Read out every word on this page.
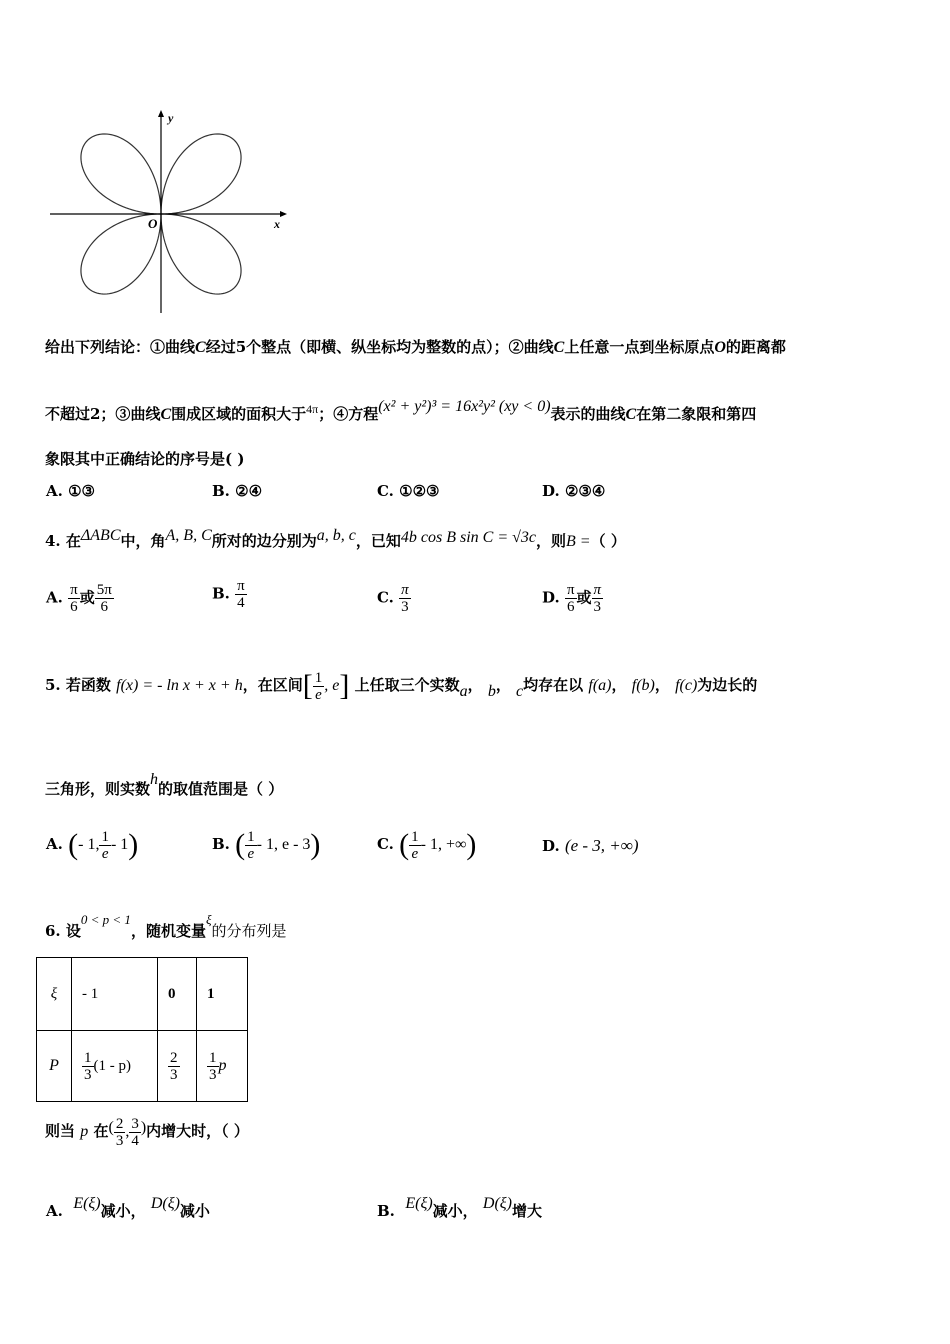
y
x
O
给出下列结论：①曲线C经过5个整点（即横、纵坐标均为整数的点）；②曲线C上任意一点到坐标原点O的距离都
不超过2；③曲线C围成区域的面积大于$^{4\pi}$；④方程(x² + y²)³ = 16x²y² (xy < 0)表示的曲线C在第二象限和第四
象限其中正确结论的序号是( )
A. ①③	B. ②④	C. ①②③	D. ②③④
4. 在ΔABC中，角A, B, C所对的边分别为a, b, c，已知4b cos B sin C = √3c，则B =（ ）
A. $\frac{\pi}{6}$ 或 $\frac{5\pi}{6}$	B. $\frac{\pi}{4}$	C. $\frac{\pi}{3}$	D. $\frac{\pi}{6}$ 或 $\frac{\pi}{3}$
5. 若函数 f(x) = - ln x + x + h，在区间[ $\frac{1}{e}$ , e] 上任取三个实数a， b， c均存在以 f(a)， f(b)， f(c)为边长的
三角形，则实数h的取值范围是（ ）
A. (- 1, $\frac{1}{e} - 1$)	B. ( $\frac{1}{e} - 1$, e - 3)	C. ( $\frac{1}{e} - 1$, +∞)	D. (e - 3, +∞)
6. 设0 < p < 1，随机变量ξ的分布列是
ξ	- 1	0	1
P	$\frac{1}{3} (1 - p)$	$\frac{2}{3}$	$\frac{1}{3}$ p
则当 p 在( $\frac{2}{3}$ , $\frac{3}{4}$ )内增大时，（ ）
A. E(ξ)减小， D(ξ)减小	B. E(ξ)减小， D(ξ)增大
